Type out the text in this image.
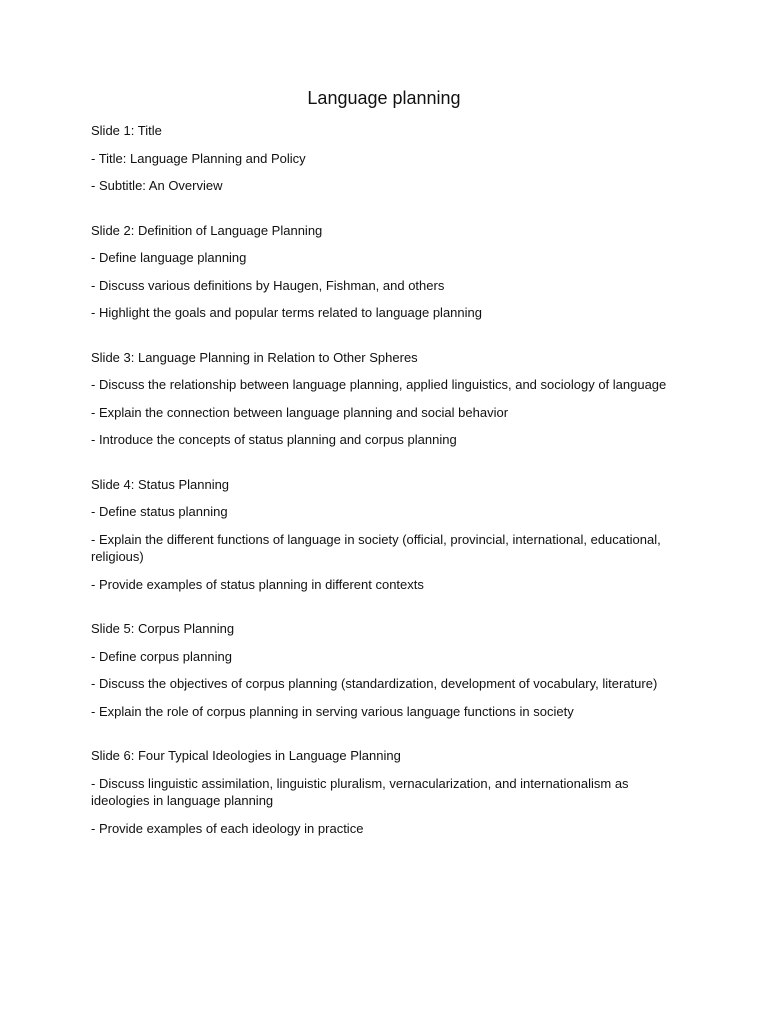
Language planning
Slide 1: Title
- Title: Language Planning and Policy
- Subtitle: An Overview
Slide 2: Definition of Language Planning
- Define language planning
- Discuss various definitions by Haugen, Fishman, and others
- Highlight the goals and popular terms related to language planning
Slide 3: Language Planning in Relation to Other Spheres
- Discuss the relationship between language planning, applied linguistics, and sociology of language
- Explain the connection between language planning and social behavior
- Introduce the concepts of status planning and corpus planning
Slide 4: Status Planning
- Define status planning
- Explain the different functions of language in society (official, provincial, international, educational, religious)
- Provide examples of status planning in different contexts
Slide 5: Corpus Planning
- Define corpus planning
- Discuss the objectives of corpus planning (standardization, development of vocabulary, literature)
- Explain the role of corpus planning in serving various language functions in society
Slide 6: Four Typical Ideologies in Language Planning
- Discuss linguistic assimilation, linguistic pluralism, vernacularization, and internationalism as ideologies in language planning
- Provide examples of each ideology in practice
